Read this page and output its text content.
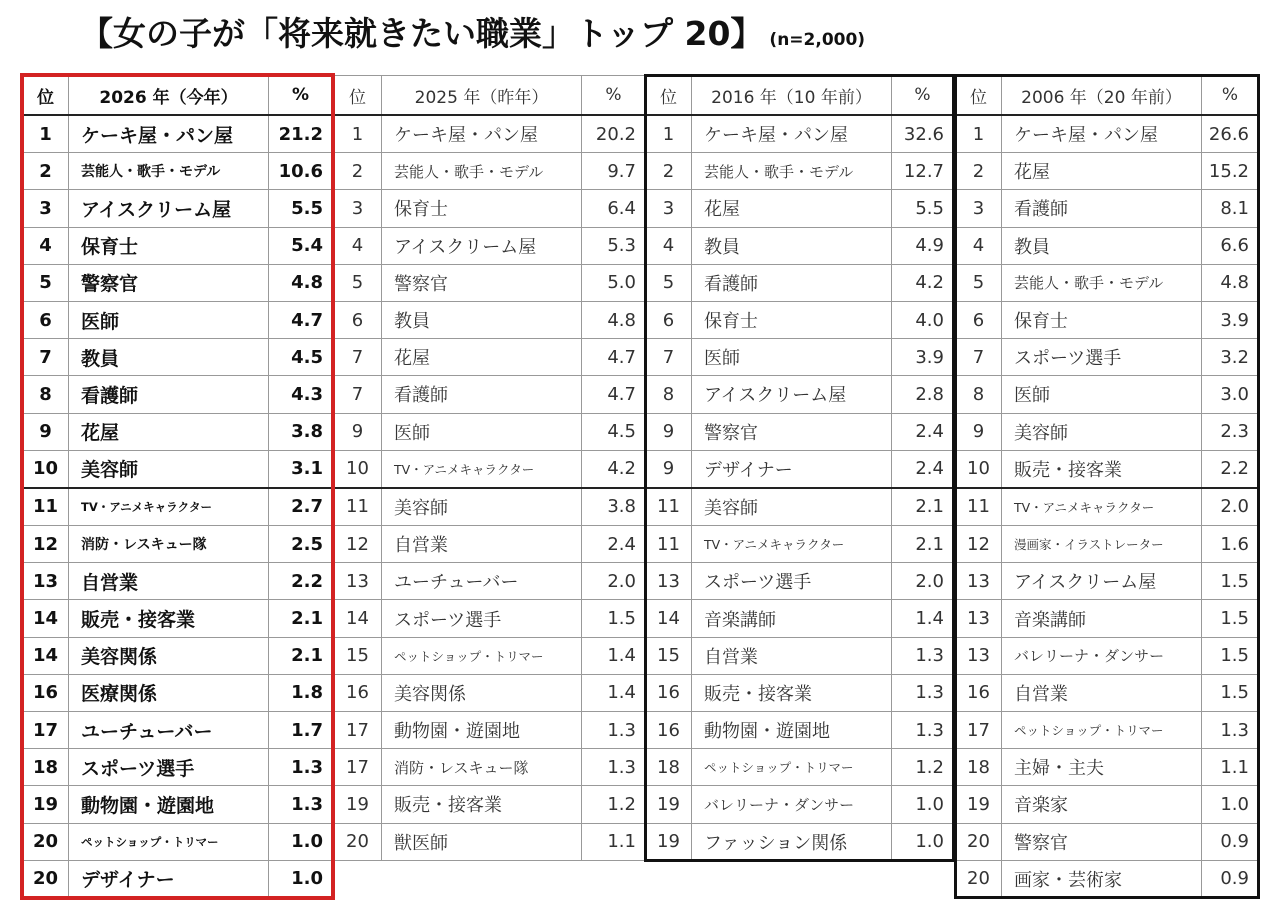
【女の子が「将来就きたい職業」トップ 20】 (n=2,000)
位	2026 年（今年）	%
1	ケーキ屋・パン屋	21.2
2	芸能人・歌手・モデル	10.6
3	アイスクリーム屋	5.5
4	保育士	5.4
5	警察官	4.8
6	医師	4.7
7	教員	4.5
8	看護師	4.3
9	花屋	3.8
10	美容師	3.1
11	TV・アニメキャラクター	2.7
12	消防・レスキュー隊	2.5
13	自営業	2.2
14	販売・接客業	2.1
14	美容関係	2.1
16	医療関係	1.8
17	ユーチューバー	1.7
18	スポーツ選手	1.3
19	動物園・遊園地	1.3
20	ペットショップ・トリマー	1.0
20	デザイナー	1.0
位	2025 年（昨年）	%
1	ケーキ屋・パン屋	20.2
2	芸能人・歌手・モデル	9.7
3	保育士	6.4
4	アイスクリーム屋	5.3
5	警察官	5.0
6	教員	4.8
7	花屋	4.7
7	看護師	4.7
9	医師	4.5
10	TV・アニメキャラクター	4.2
11	美容師	3.8
12	自営業	2.4
13	ユーチューバー	2.0
14	スポーツ選手	1.5
15	ペットショップ・トリマー	1.4
16	美容関係	1.4
17	動物園・遊園地	1.3
17	消防・レスキュー隊	1.3
19	販売・接客業	1.2
20	獣医師	1.1
位	2016 年（10 年前）	%
1	ケーキ屋・パン屋	32.6
2	芸能人・歌手・モデル	12.7
3	花屋	5.5
4	教員	4.9
5	看護師	4.2
6	保育士	4.0
7	医師	3.9
8	アイスクリーム屋	2.8
9	警察官	2.4
9	デザイナー	2.4
11	美容師	2.1
11	TV・アニメキャラクター	2.1
13	スポーツ選手	2.0
14	音楽講師	1.4
15	自営業	1.3
16	販売・接客業	1.3
16	動物園・遊園地	1.3
18	ペットショップ・トリマー	1.2
19	バレリーナ・ダンサー	1.0
19	ファッション関係	1.0
位	2006 年（20 年前）	%
1	ケーキ屋・パン屋	26.6
2	花屋	15.2
3	看護師	8.1
4	教員	6.6
5	芸能人・歌手・モデル	4.8
6	保育士	3.9
7	スポーツ選手	3.2
8	医師	3.0
9	美容師	2.3
10	販売・接客業	2.2
11	TV・アニメキャラクター	2.0
12	漫画家・イラストレーター	1.6
13	アイスクリーム屋	1.5
13	音楽講師	1.5
13	バレリーナ・ダンサー	1.5
16	自営業	1.5
17	ペットショップ・トリマー	1.3
18	主婦・主夫	1.1
19	音楽家	1.0
20	警察官	0.9
20	画家・芸術家	0.9
